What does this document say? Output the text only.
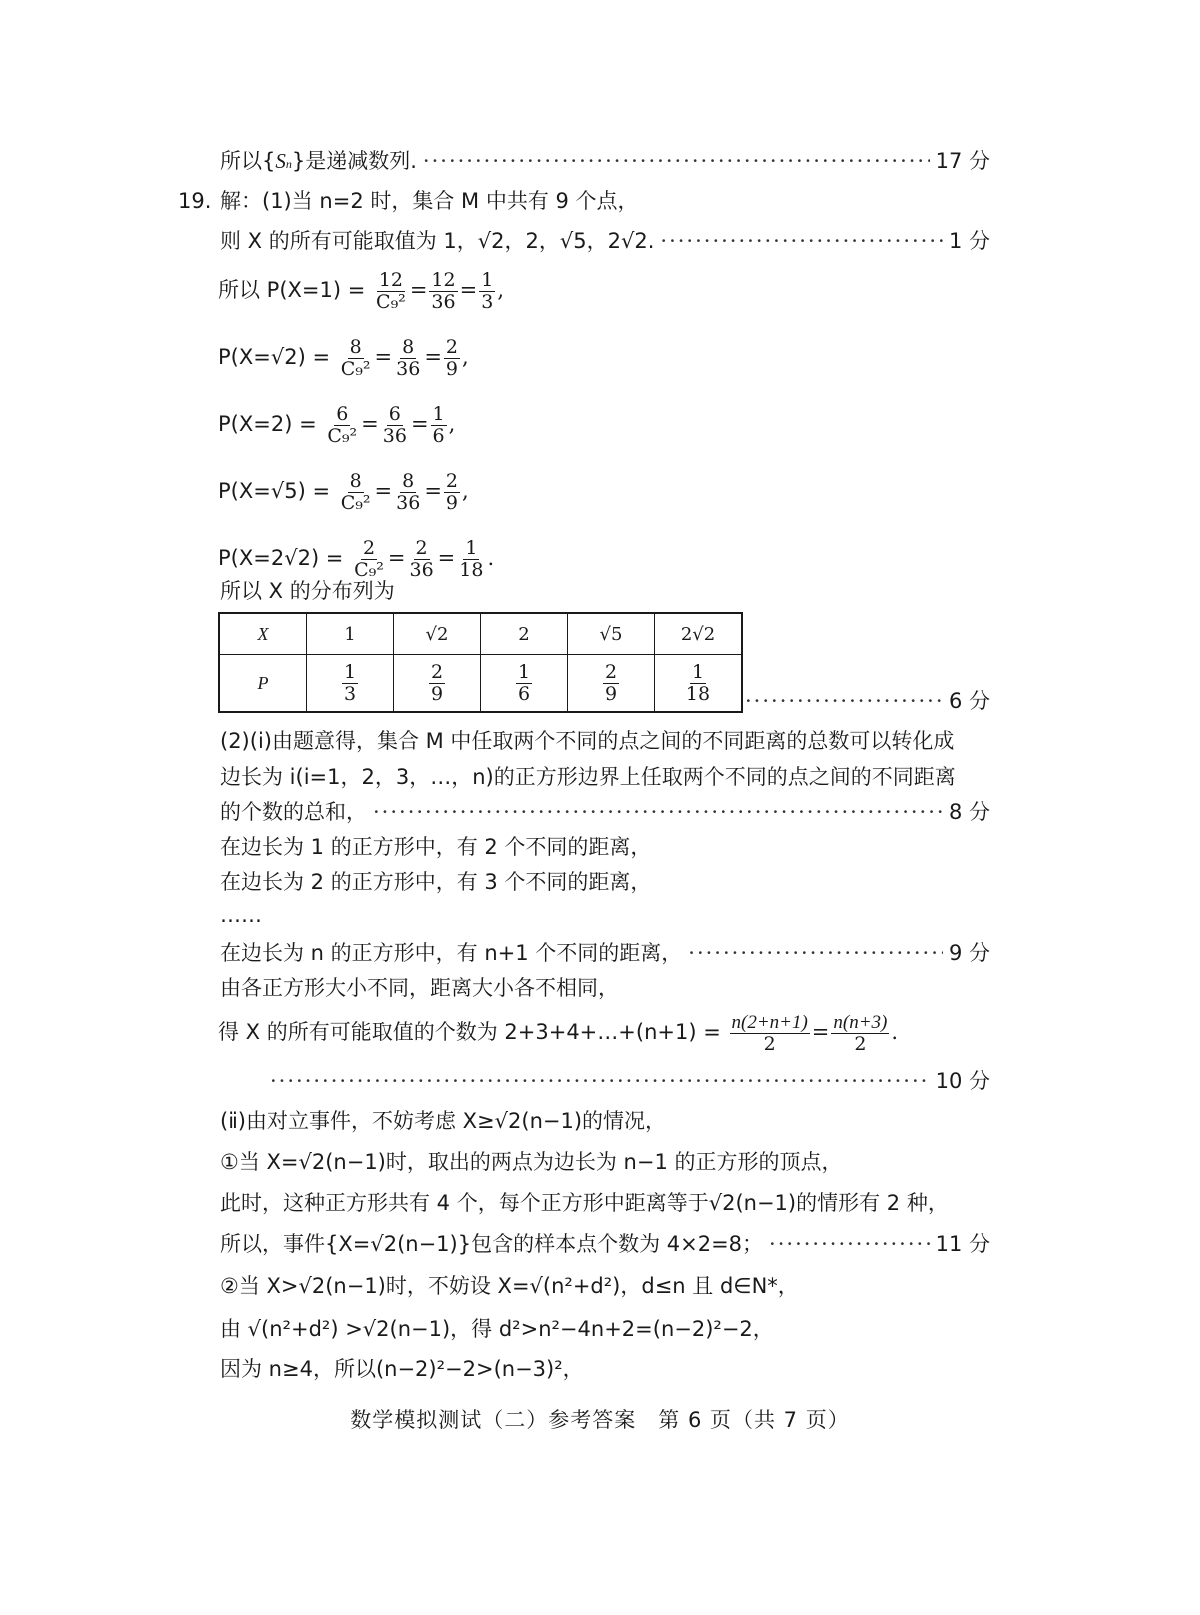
所以{ S n }是递减数列. ·····	17 分
19. 解：(1)当 n=2 时，集合 M 中共有 9 个点，
则 X 的所有可能取值为 1，√2，2，√5，2√2. ·····	1 分
所以 $P(X=1) = \frac{12}{\text{C₉²}} = \frac{12}{36} = \frac{1}{3}$ ,
$P(X=√2) = \frac{8}{\text{C₉²}} = \frac{8}{36} = \frac{2}{9}$ ,
$P(X=2) = \frac{6}{\text{C₉²}} = \frac{6}{36} = \frac{1}{6}$ ,
$P(X=√5) = \frac{8}{\text{C₉²}} = \frac{8}{36} = \frac{2}{9}$ ,
$P(X=2√2) = \frac{2}{\text{C₉²}} = \frac{2}{36} = \frac{1}{18}$ .
所以 X 的分布列为
X	1	√2	2	√5	2√2
P	$\frac{1}{3}$	$\frac{2}{9}$	$\frac{1}{6}$	$\frac{2}{9}$	$\frac{1}{18}$ ·····	6 分
(2)(ⅰ)由题意得，集合 M 中任取两个不同的点之间的不同距离的总数可以转化成
边长为 i(i=1，2，3，…，n)的正方形边界上任取两个不同的点之间的不同距离
的个数的总和， ·····	8 分
在边长为 1 的正方形中，有 2 个不同的距离，
在边长为 2 的正方形中，有 3 个不同的距离，
……
在边长为 n 的正方形中，有 n+1 个不同的距离， ·····	9 分
由各正方形大小不同，距离大小各不相同，
得 X 的所有可能取值的个数为 2+3+4+…+(n+1) = $\frac{n(2+n+1)}{2} = \frac{n(n+3)}{2}$ .
·····
10 分
(ⅱ)由对立事件，不妨考虑 X≥√2(n−1)的情况，
①当 X=√2(n−1)时，取出的两点为边长为 n−1 的正方形的顶点，
此时，这种正方形共有 4 个，每个正方形中距离等于√2(n−1)的情形有 2 种，
所以，事件{X=√2(n−1)}包含的样本点个数为 4×2=8； ·····	11 分
②当 X>√2(n−1)时，不妨设 X=√(n²+d²)，d≤n 且 d∈N*，
由 √(n²+d²) >√2(n−1)，得 d²>n²−4n+2=(n−2)²−2，
因为 n≥4，所以(n−2)²−2>(n−3)²，
数学模拟测试（二）参考答案　第 6 页（共 7 页）
